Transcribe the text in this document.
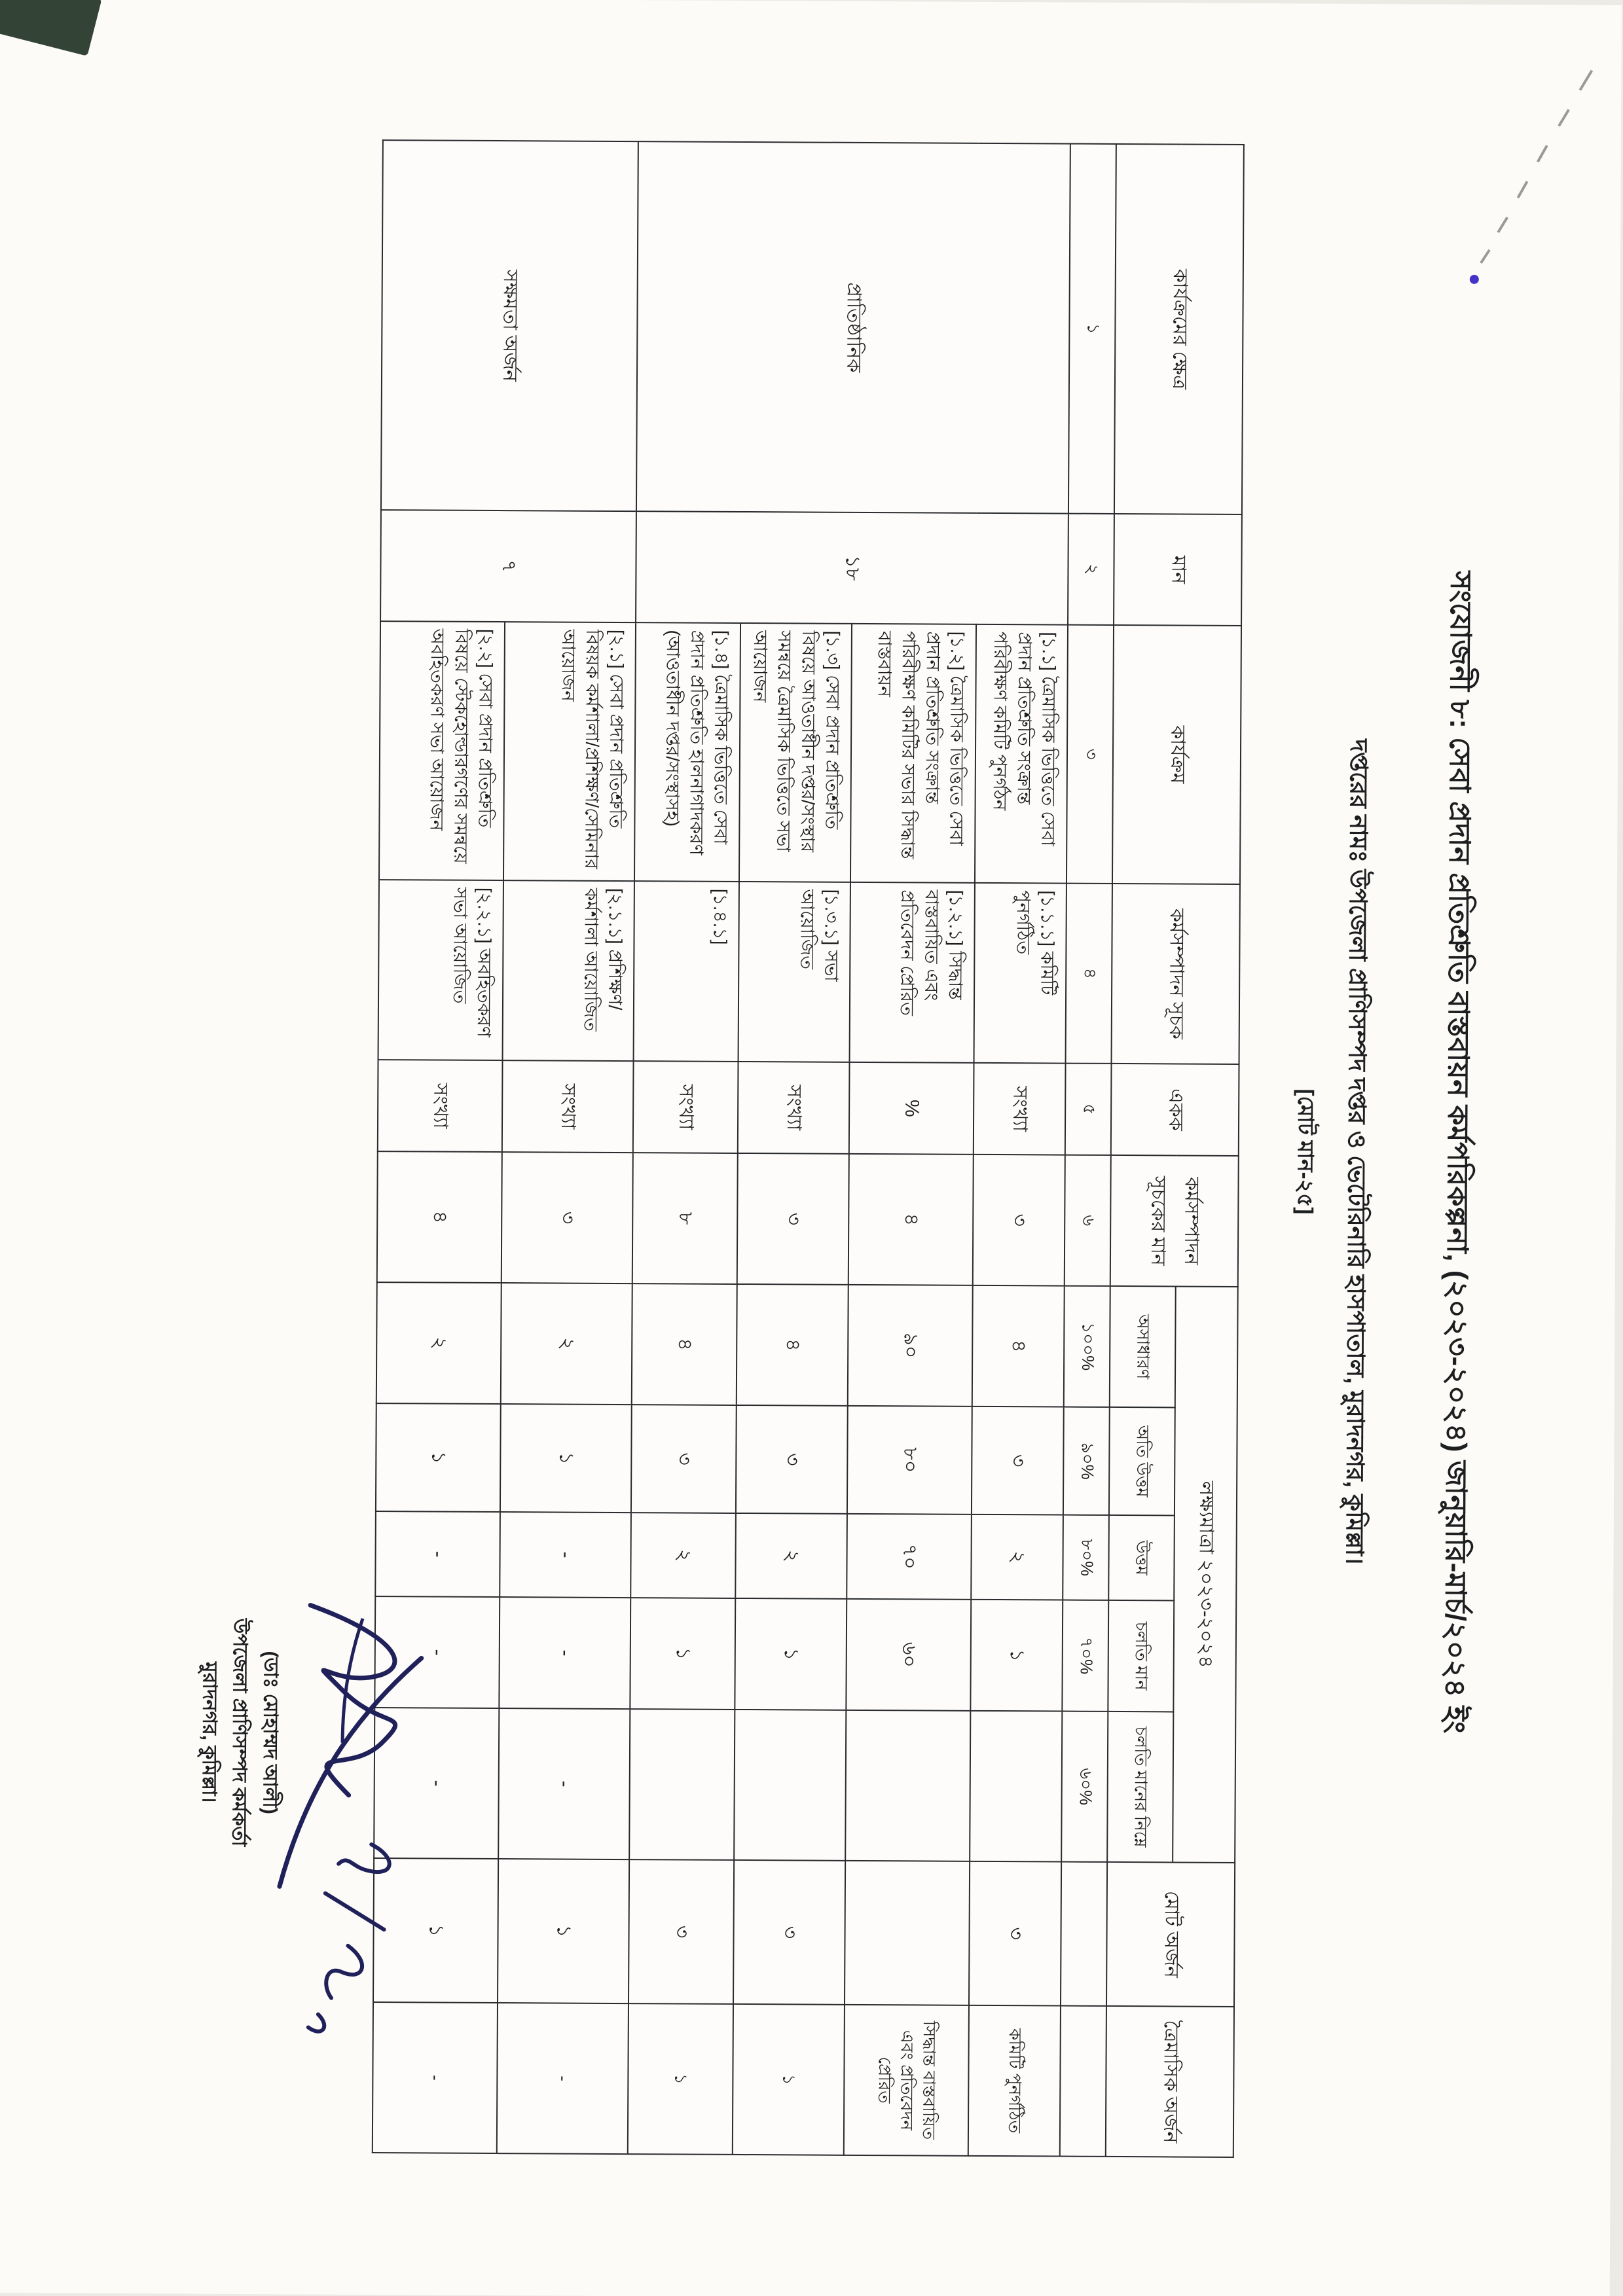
সংযোজনী ৮: সেবা প্রদান প্রতিশ্রুতি বাস্তবায়ন কর্মপরিকল্পনা, (২০২৩-২০২৪) জানুয়ারি-মার্চ/২০২৪ ইং
দপ্তরের নামঃ উপজেলা প্রাণিসম্পদ দপ্তর ও ভেটেরিনারি হাসপাতাল, মুরাদনগর, কুমিল্লা।
[মোট মান-২৫]
কার্যক্রমের ক্ষেত্র	মান	কার্যক্রম	কর্মসম্পাদন সূচক	একক	কর্মসম্পাদন সূচকের মান	লক্ষ্যমাত্রা ২০২৩-২০২৪					মোট অর্জন	ত্রৈমাসিক অর্জন
						অসাধারণ	অতি উত্তম	উত্তম	চলতি মান	চলতি মানের নিম্নে		
১	২	৩	৪	৫	৬	১০০%	৯০%	৮০%	৭০%	৬০%		
প্রাতিষ্ঠানিক	১৮	[১.১] ত্রৈমাসিক ভিত্তিতে সেবা প্রদান প্রতিশ্রুতি সংক্রান্ত পরিবীক্ষণ কমিটি পুনর্গঠন	[১.১.১] কমিটি পুনর্গঠিত	সংখ্যা	৩	৪	৩	২	১		৩	কমিটি পুনর্গঠিত
		[১.২] ত্রৈমাসিক ভিত্তিতে সেবা প্রদান প্রতিশ্রুতি সংক্রান্ত পরিবীক্ষণ কমিটির সভার সিদ্ধান্ত বাস্তবায়ন	[১.২.১] সিদ্ধান্ত বাস্তবায়িত এবং প্রতিবেদন প্রেরিত	%	৪	৯০	৮০	৭০	৬০			সিদ্ধান্ত বাস্তবায়িত এবং প্রতিবেদন প্রেরিত
		[১.৩] সেবা প্রদান প্রতিশ্রুতি বিষয়ে আওতাধীন দপ্তর/সংস্থার সমন্বয়ে ত্রৈমাসিক ভিত্তিতে সভা আয়োজন	[১.৩.১] সভা আয়োজিত	সংখ্যা	৩	৪	৩	২	১		৩	১
		[১.৪] ত্রৈমাসিক ভিত্তিতে সেবা প্রদান প্রতিশ্রুতি হালনাগাদকরণ (আওতাধীন দপ্তর/সংস্থাসহ)	[১.৪.১]	সংখ্যা	৮	৪	৩	২	১		৩	১
সক্ষমতা অর্জন	৭	[২.১] সেবা প্রদান প্রতিশ্রুতি বিষয়ক কর্মশালা/প্রশিক্ষণ/সেমিনার আয়োজন	[২.১.১] প্রশিক্ষণ/কর্মশালা আয়োজিত	সংখ্যা	৩	২	১	-	-	-	১	-
		[২.২] সেবা প্রদান প্রতিশ্রুতি বিষয়ে স্টেকহোল্ডারগণের সমন্বয়ে অবহিতকরণ সভা আয়োজন	[২.২.১] অবহিতকরণ সভা আয়োজিত	সংখ্যা	৪	২	১	-	-	-	১	-
(ডাঃ মোহাম্মদ আলী)
উপজেলা প্রাণিসম্পদ কর্মকর্তা
মুরাদনগর, কুমিল্লা।
